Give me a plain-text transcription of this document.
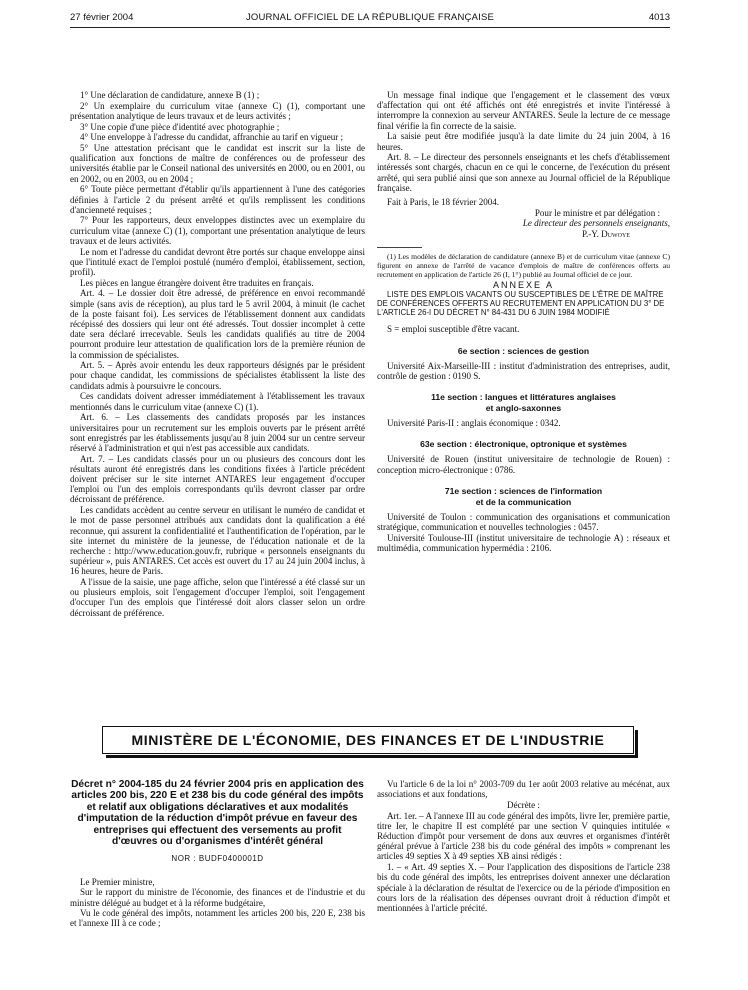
27 février 2004	JOURNAL OFFICIEL DE LA RÉPUBLIQUE FRANÇAISE	4013

1° Une déclaration de candidature, annexe B (1) ;

2° Un exemplaire du curriculum vitae (annexe C) (1), comportant une présentation analytique de leurs travaux et de leurs activités ;

3° Une copie d'une pièce d'identité avec photographie ;

4° Une enveloppe à l'adresse du candidat, affranchie au tarif en vigueur ;

5° Une attestation précisant que le candidat est inscrit sur la liste de qualification aux fonctions de maître de conférences ou de professeur des universités établie par le Conseil national des universités en 2000, ou en 2001, ou en 2002, ou en 2003, ou en 2004 ;

6° Toute pièce permettant d'établir qu'ils appartiennent à l'une des catégories définies à l'article 2 du présent arrêté et qu'ils remplissent les conditions d'ancienneté requises ;

7° Pour les rapporteurs, deux enveloppes distinctes avec un exemplaire du curriculum vitae (annexe C) (1), comportant une présentation analytique de leurs travaux et de leurs activités.

Le nom et l'adresse du candidat devront être portés sur chaque enveloppe ainsi que l'intitulé exact de l'emploi postulé (numéro d'emploi, établissement, section, profil).

Les pièces en langue étrangère doivent être traduites en français.

Art. 4. – Le dossier doit être adressé, de préférence en envoi recommandé simple (sans avis de réception), au plus tard le 5 avril 2004, à minuit (le cachet de la poste faisant foi). Les services de l'établissement donnent aux candidats récépissé des dossiers qui leur ont été adressés. Tout dossier incomplet à cette date sera déclaré irrecevable. Seuls les candidats qualifiés au titre de 2004 pourront produire leur attestation de qualification lors de la première réunion de la commission de spécialistes.

Art. 5. – Après avoir entendu les deux rapporteurs désignés par le président pour chaque candidat, les commissions de spécialistes établissent la liste des candidats admis à poursuivre le concours.

Ces candidats doivent adresser immédiatement à l'établissement les travaux mentionnés dans le curriculum vitae (annexe C) (1).

Art. 6. – Les classements des candidats proposés par les instances universitaires pour un recrutement sur les emplois ouverts par le présent arrêté sont enregistrés par les établissements jusqu'au 8 juin 2004 sur un centre serveur réservé à l'administration et qui n'est pas accessible aux candidats.

Art. 7. – Les candidats classés pour un ou plusieurs des concours dont les résultats auront été enregistrés dans les conditions fixées à l'article précédent doivent préciser sur le site internet ANTARES leur engagement d'occuper l'emploi ou l'un des emplois correspondants qu'ils devront classer par ordre décroissant de préférence.

Les candidats accèdent au centre serveur en utilisant le numéro de candidat et le mot de passe personnel attribués aux candidats dont la qualification a été reconnue, qui assurent la confidentialité et l'authentification de l'opération, par le site internet du ministère de la jeunesse, de l'éducation nationale et de la recherche : http://www.education.gouv.fr, rubrique « personnels enseignants du supérieur », puis ANTARES. Cet accès est ouvert du 17 au 24 juin 2004 inclus, à 16 heures, heure de Paris.

A l'issue de la saisie, une page affiche, selon que l'intéressé a été classé sur un ou plusieurs emplois, soit l'engagement d'occuper l'emploi, soit l'engagement d'occuper l'un des emplois que l'intéressé doit alors classer selon un ordre décroissant de préférence.

Un message final indique que l'engagement et le classement des vœux d'affectation qui ont été affichés ont été enregistrés et invite l'intéressé à interrompre la connexion au serveur ANTARES. Seule la lecture de ce message final vérifie la fin correcte de la saisie.

La saisie peut être modifiée jusqu'à la date limite du 24 juin 2004, à 16 heures.

Art. 8. – Le directeur des personnels enseignants et les chefs d'établissement intéressés sont chargés, chacun en ce qui le concerne, de l'exécution du présent arrêté, qui sera publié ainsi que son annexe au Journal officiel de la République française.

Fait à Paris, le 18 février 2004.

Pour le ministre et par délégation :

Le directeur des personnels enseignants,

P.-Y. Duwoye

(1) Les modèles de déclaration de candidature (annexe B) et de curriculum vitae (annexe C) figurent en annexe de l'arrêté de vacance d'emplois de maître de conférences offerts au recrutement en application de l'article 26 (I, 1°) publié au Journal officiel de ce jour.

ANNEXE A

LISTE DES EMPLOIS VACANTS OU SUSCEPTIBLES DE L'ÊTRE DE MAÎTRE DE CONFÉRENCES OFFERTS AU RECRUTEMENT EN APPLICATION DU 3° DE L'ARTICLE 26-I DU DÉCRET N° 84-431 DU 6 JUIN 1984 MODIFIÉ

S = emploi susceptible d'être vacant.

6e section : sciences de gestion

Université Aix-Marseille-III : institut d'administration des entreprises, audit, contrôle de gestion : 0190 S.

11e section : langues et littératures anglaises

et anglo-saxonnes

Université Paris-II : anglais économique : 0342.

63e section : électronique, optronique et systèmes

Université de Rouen (institut universitaire de technologie de Rouen) : conception micro-électronique : 0786.

71e section : sciences de l'information

et de la communication

Université de Toulon : communication des organisations et communication stratégique, communication et nouvelles technologies : 0457.

Université Toulouse-III (institut universitaire de technologie A) : réseaux et multimédia, communication hypermédia : 2106.

MINISTÈRE DE L'ÉCONOMIE, DES FINANCES ET DE L'INDUSTRIE
Décret n° 2004-185 du 24 février 2004 pris en application des articles 200 bis, 220 E et 238 bis du code général des impôts et relatif aux obligations déclaratives et aux modalités d'imputation de la réduction d'impôt prévue en faveur des entreprises qui effectuent des versements au profit d'œuvres ou d'organismes d'intérêt général
NOR : BUDF0400001D

Le Premier ministre,

Sur le rapport du ministre de l'économie, des finances et de l'industrie et du ministre délégué au budget et à la réforme budgétaire,

Vu le code général des impôts, notamment les articles 200 bis, 220 E, 238 bis et l'annexe III à ce code ;

Vu l'article 6 de la loi n° 2003-709 du 1er août 2003 relative au mécénat, aux associations et aux fondations,

Décrète :

Art. 1er. – A l'annexe III au code général des impôts, livre Ier, première partie, titre Ier, le chapitre II est complété par une section V quinquies intitulée « Réduction d'impôt pour versement de dons aux œuvres et organismes d'intérêt général prévue à l'article 238 bis du code général des impôts » comprenant les articles 49 septies X à 49 septies XB ainsi rédigés :

1. – « Art. 49 septies X. – Pour l'application des dispositions de l'article 238 bis du code général des impôts, les entreprises doivent annexer une déclaration spéciale à la déclaration de résultat de l'exercice ou de la période d'imposition en cours lors de la réalisation des dépenses ouvrant droit à réduction d'impôt et mentionnées à l'article précité.
